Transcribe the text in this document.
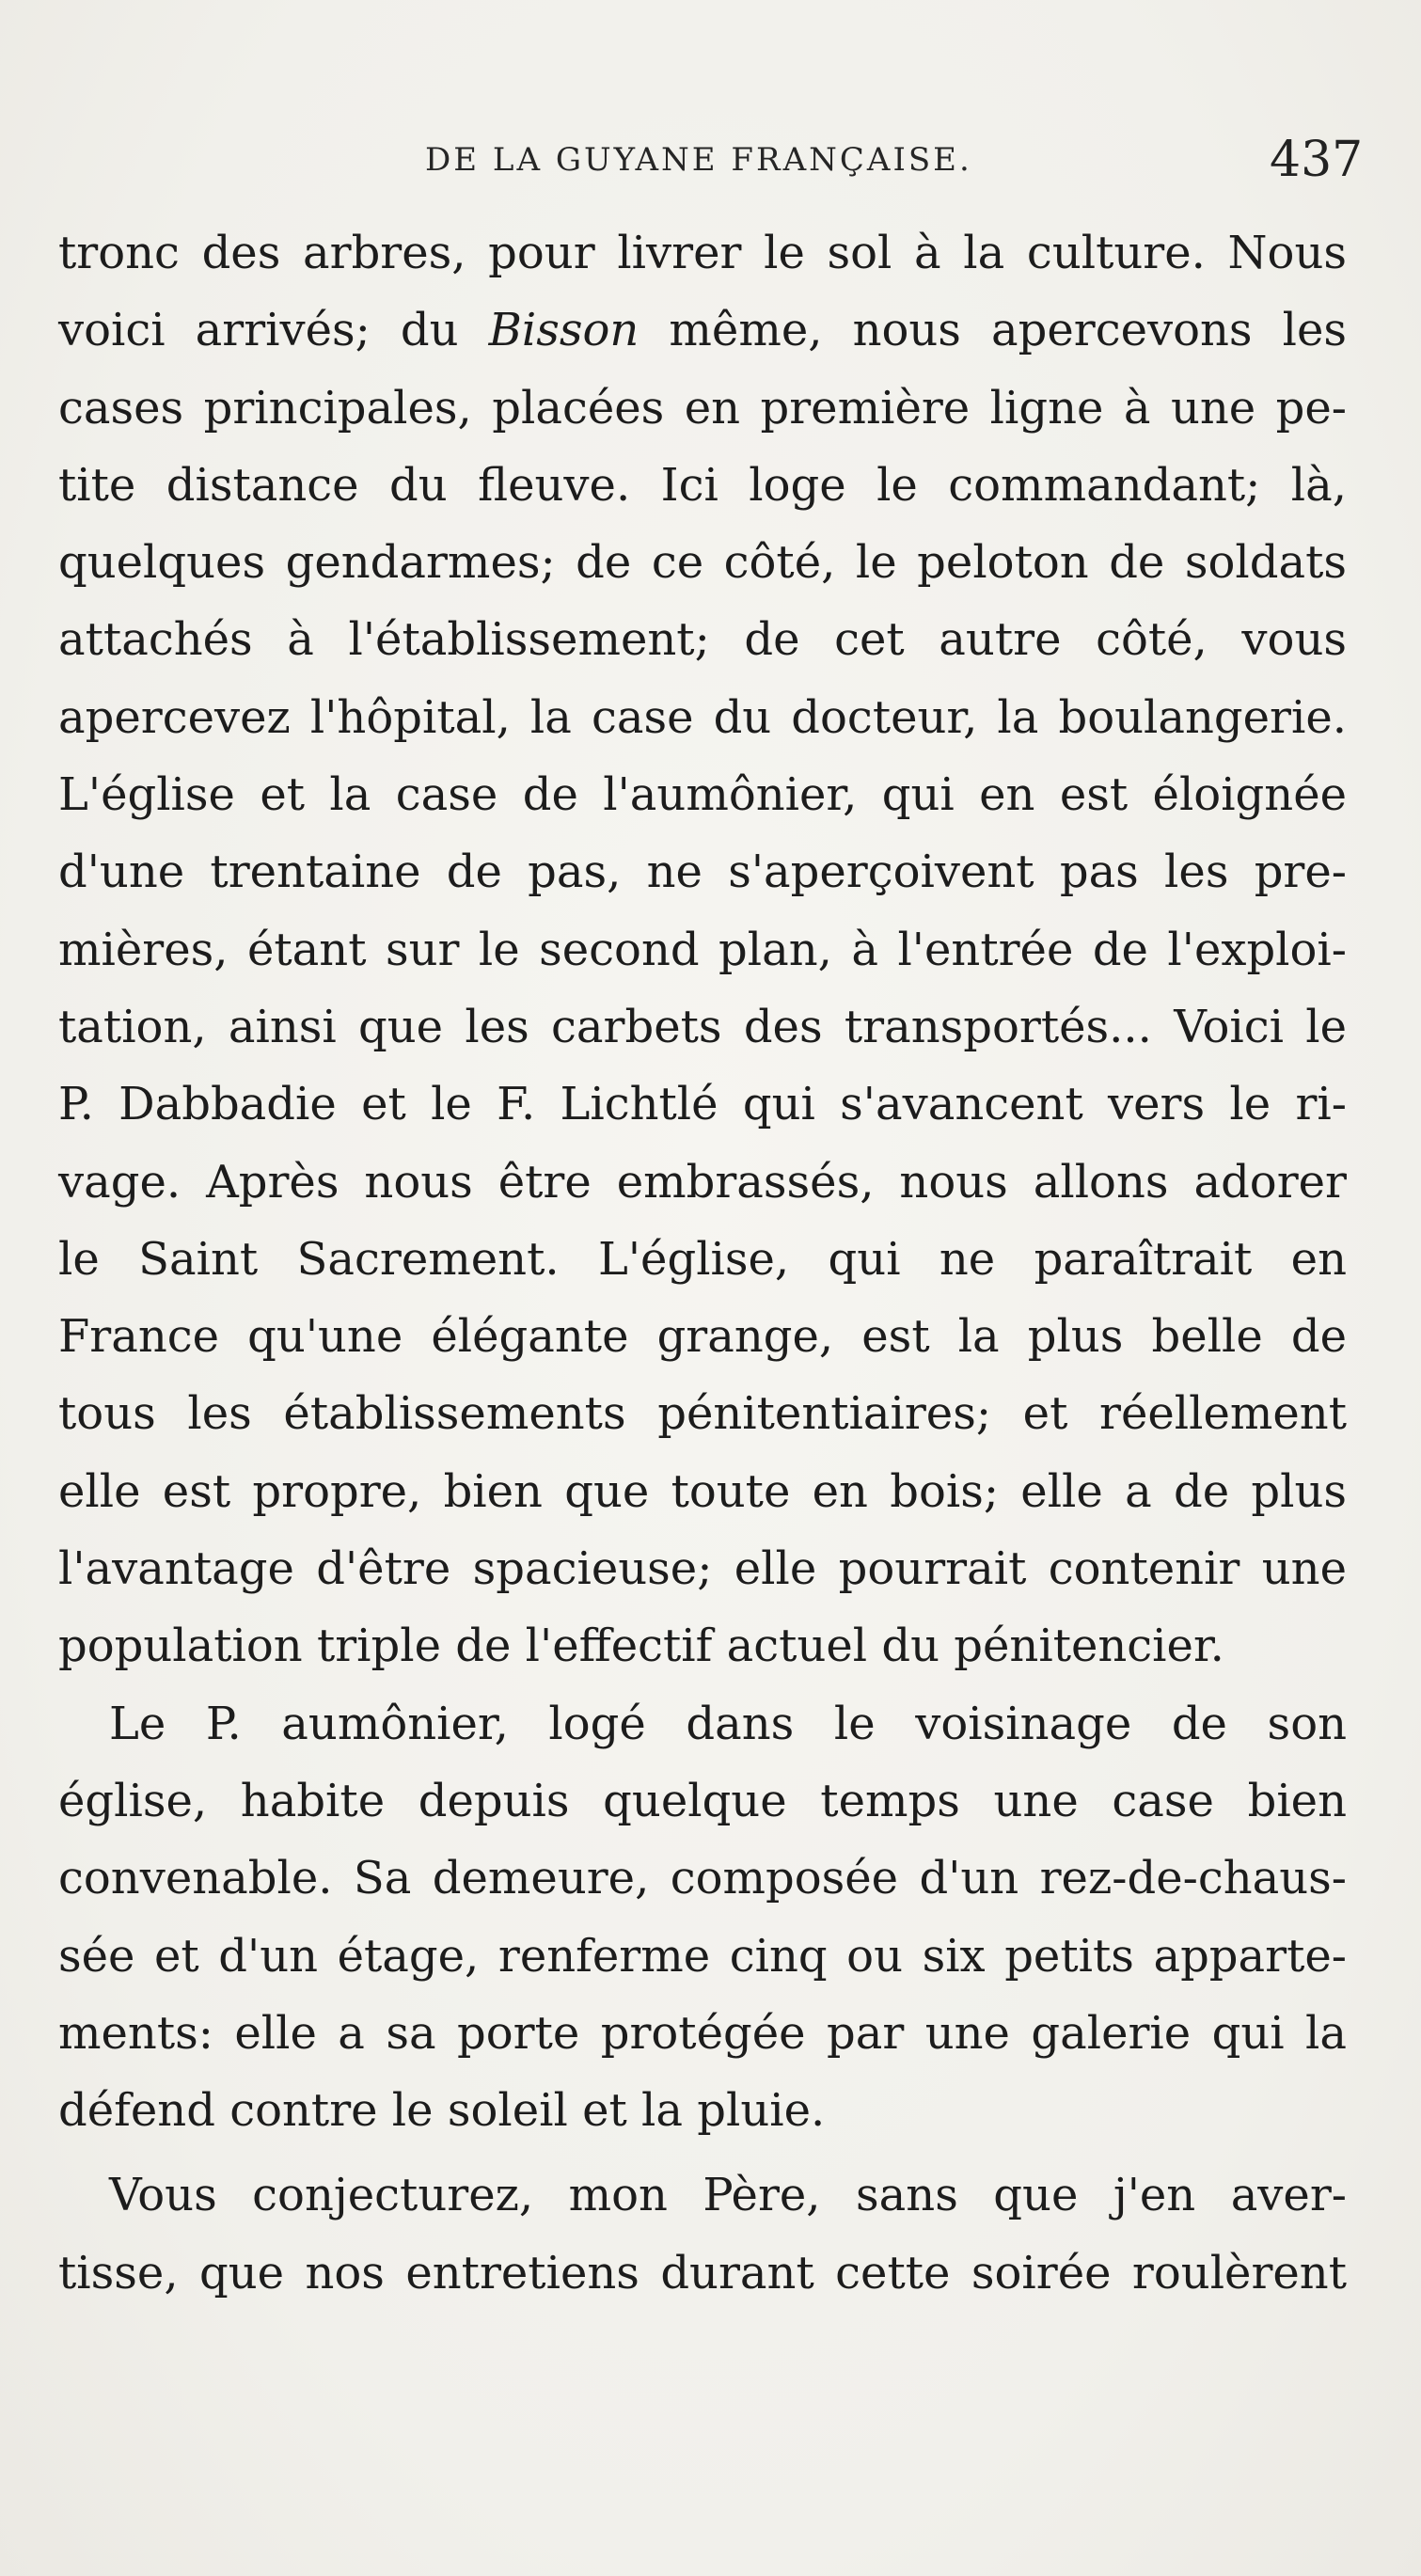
DE LA GUYANE FRANÇAISE.	437
tronc des arbres, pour livrer le sol à la culture. Nous
voici arrivés; du Bisson même, nous apercevons les
cases principales, placées en première ligne à une pe-
tite distance du fleuve. Ici loge le commandant; là,
quelques gendarmes; de ce côté, le peloton de soldats
attachés à l'établissement; de cet autre côté, vous
apercevez l'hôpital, la case du docteur, la boulangerie.
L'église et la case de l'aumônier, qui en est éloignée
d'une trentaine de pas, ne s'aperçoivent pas les pre-
mières, étant sur le second plan, à l'entrée de l'exploi-
tation, ainsi que les carbets des transportés... Voici le
P. Dabbadie et le F. Lichtlé qui s'avancent vers le ri-
vage. Après nous être embrassés, nous allons adorer
le Saint Sacrement. L'église, qui ne paraîtrait en
France qu'une élégante grange, est la plus belle de
tous les établissements pénitentiaires; et réellement
elle est propre, bien que toute en bois; elle a de plus
l'avantage d'être spacieuse; elle pourrait contenir une
population triple de l'effectif actuel du pénitencier.
Le P. aumônier, logé dans le voisinage de son
église, habite depuis quelque temps une case bien
convenable. Sa demeure, composée d'un rez-de-chaus-
sée et d'un étage, renferme cinq ou six petits apparte-
ments: elle a sa porte protégée par une galerie qui la
défend contre le soleil et la pluie.
Vous conjecturez, mon Père, sans que j'en aver-
tisse, que nos entretiens durant cette soirée roulèrent
